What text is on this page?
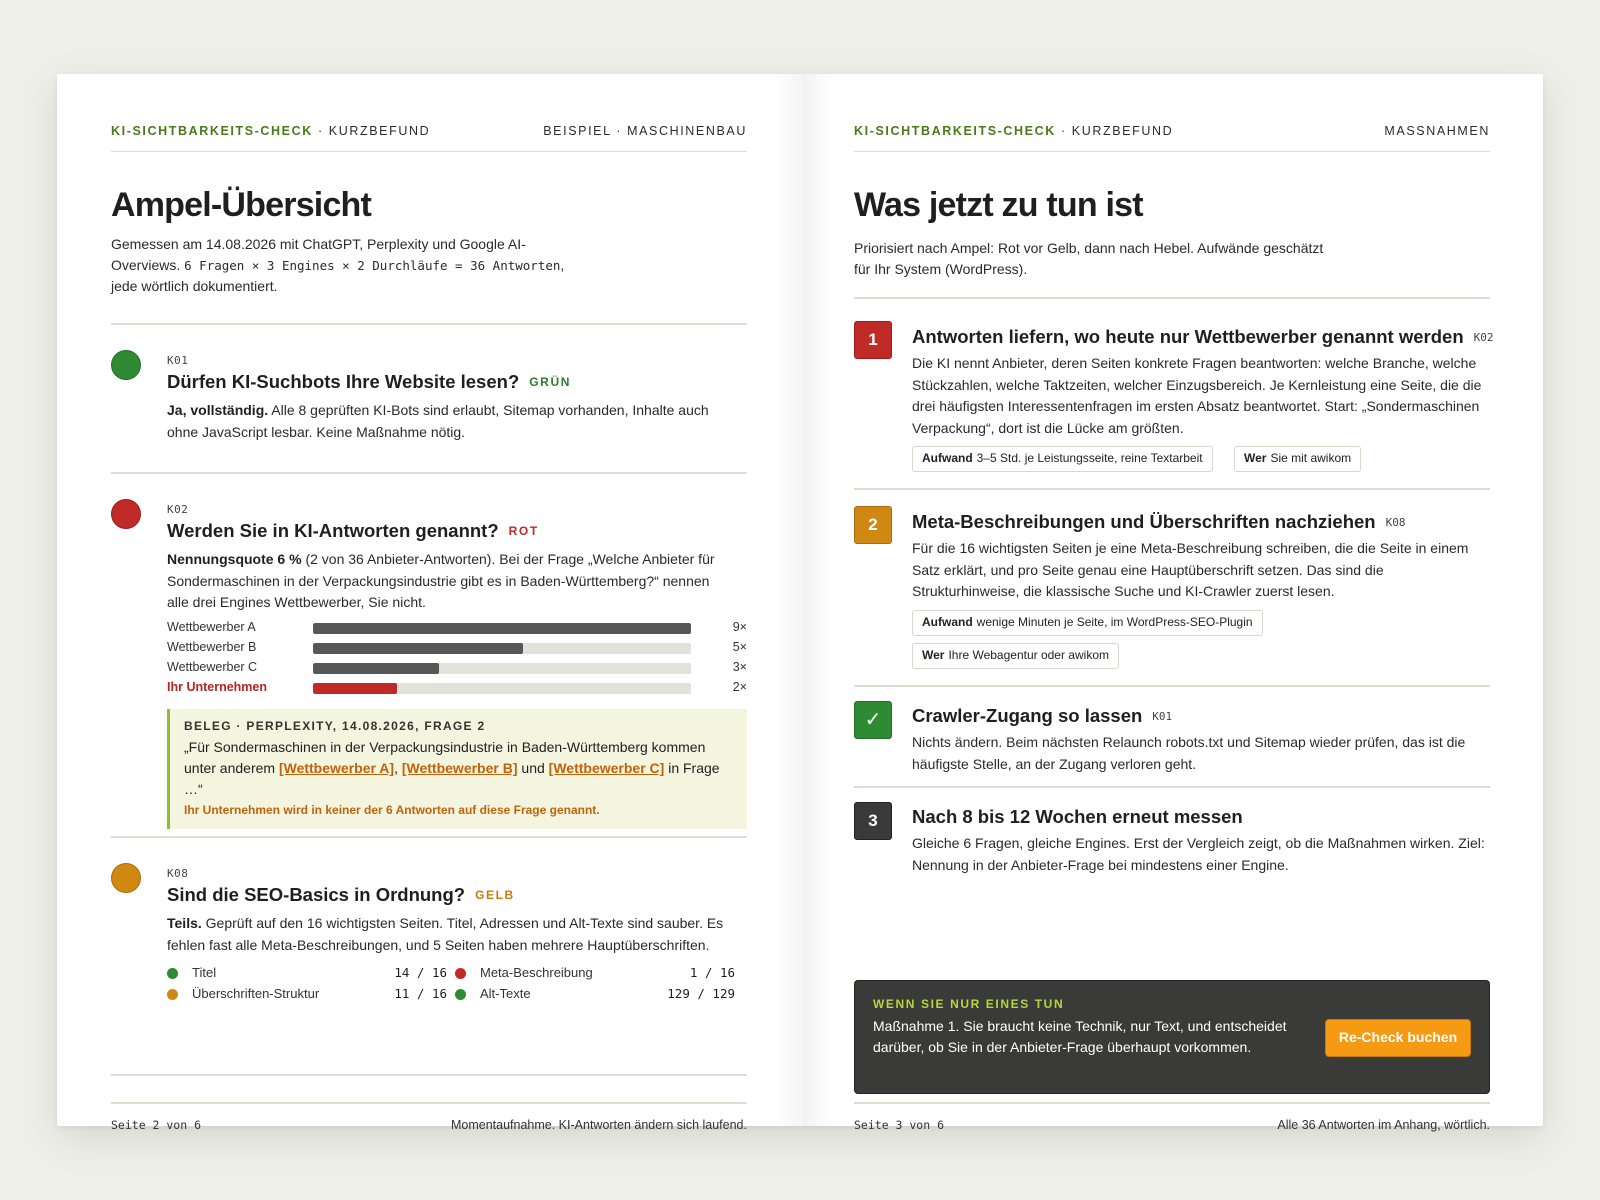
KI-SICHTBARKEITS-CHECK · KURZBEFUND	BEISPIEL · MASCHINENBAU
Ampel-Übersicht
Gemessen am 14.08.2026 mit ChatGPT, Perplexity und Google AI-
Overviews. 6 Fragen × 3 Engines × 2 Durchläufe = 36 Antworten,
jede wörtlich dokumentiert.
K01
Dürfen KI-Suchbots Ihre Website lesen? GRÜN
Ja, vollständig. Alle 8 geprüften KI-Bots sind erlaubt, Sitemap vorhanden, Inhalte auch ohne JavaScript lesbar. Keine Maßnahme nötig.
K02
Werden Sie in KI-Antworten genannt? ROT
Nennungsquote 6 % (2 von 36 Anbieter-Antworten). Bei der Frage „Welche Anbieter für Sondermaschinen in der Verpackungsindustrie gibt es in Baden-Württemberg?“ nennen alle drei Engines Wettbewerber, Sie nicht.
Wettbewerber A	9×
Wettbewerber B	5×
Wettbewerber C	3×
Ihr Unternehmen	2×
BELEG · PERPLEXITY, 14.08.2026, FRAGE 2
„Für Sondermaschinen in der Verpackungsindustrie in Baden-Württemberg kommen unter anderem [Wettbewerber A], [Wettbewerber B] und [Wettbewerber C] in Frage …“
Ihr Unternehmen wird in keiner der 6 Antworten auf diese Frage genannt.
K08
Sind die SEO-Basics in Ordnung? GELB
Teils. Geprüft auf den 16 wichtigsten Seiten. Titel, Adressen und Alt-Texte sind sauber. Es fehlen fast alle Meta-Beschreibungen, und 5 Seiten haben mehrere Hauptüberschriften.
Titel	14 / 16
Überschriften-Struktur	11 / 16
Meta-Beschreibung	1 / 16
Alt-Texte	129 / 129
Seite 2 von 6	Momentaufnahme. KI-Antworten ändern sich laufend.
KI-SICHTBARKEITS-CHECK · KURZBEFUND	MASSNAHMEN
Was jetzt zu tun ist
Priorisiert nach Ampel: Rot vor Gelb, dann nach Hebel. Aufwände geschätzt
für Ihr System (WordPress).
1	Antworten liefern, wo heute nur Wettbewerber genannt werden K02
Die KI nennt Anbieter, deren Seiten konkrete Fragen beantworten: welche Branche, welche Stückzahlen, welche Taktzeiten, welcher Einzugsbereich. Je Kernleistung eine Seite, die die drei häufigsten Interessentenfragen im ersten Absatz beantwortet. Start: „Sondermaschinen Verpackung“, dort ist die Lücke am größten.
Aufwand 3–5 Std. je Leistungsseite, reine Textarbeit	Wer Sie mit awikom
2	Meta-Beschreibungen und Überschriften nachziehen K08
Für die 16 wichtigsten Seiten je eine Meta-Beschreibung schreiben, die die Seite in einem Satz erklärt, und pro Seite genau eine Hauptüberschrift setzen. Das sind die Strukturhinweise, die klassische Suche und KI-Crawler zuerst lesen.
Aufwand wenige Minuten je Seite, im WordPress-SEO-Plugin
Wer Ihre Webagentur oder awikom
✓	Crawler-Zugang so lassen K01
Nichts ändern. Beim nächsten Relaunch robots.txt und Sitemap wieder prüfen, das ist die häufigste Stelle, an der Zugang verloren geht.
3	Nach 8 bis 12 Wochen erneut messen
Gleiche 6 Fragen, gleiche Engines. Erst der Vergleich zeigt, ob die Maßnahmen wirken. Ziel: Nennung in der Anbieter-Frage bei mindestens einer Engine.
WENN SIE NUR EINES TUN
Maßnahme 1. Sie braucht keine Technik, nur Text, und entscheidet darüber, ob Sie in der Anbieter-Frage überhaupt vorkommen.
Re-Check buchen
Seite 3 von 6	Alle 36 Antworten im Anhang, wörtlich.
